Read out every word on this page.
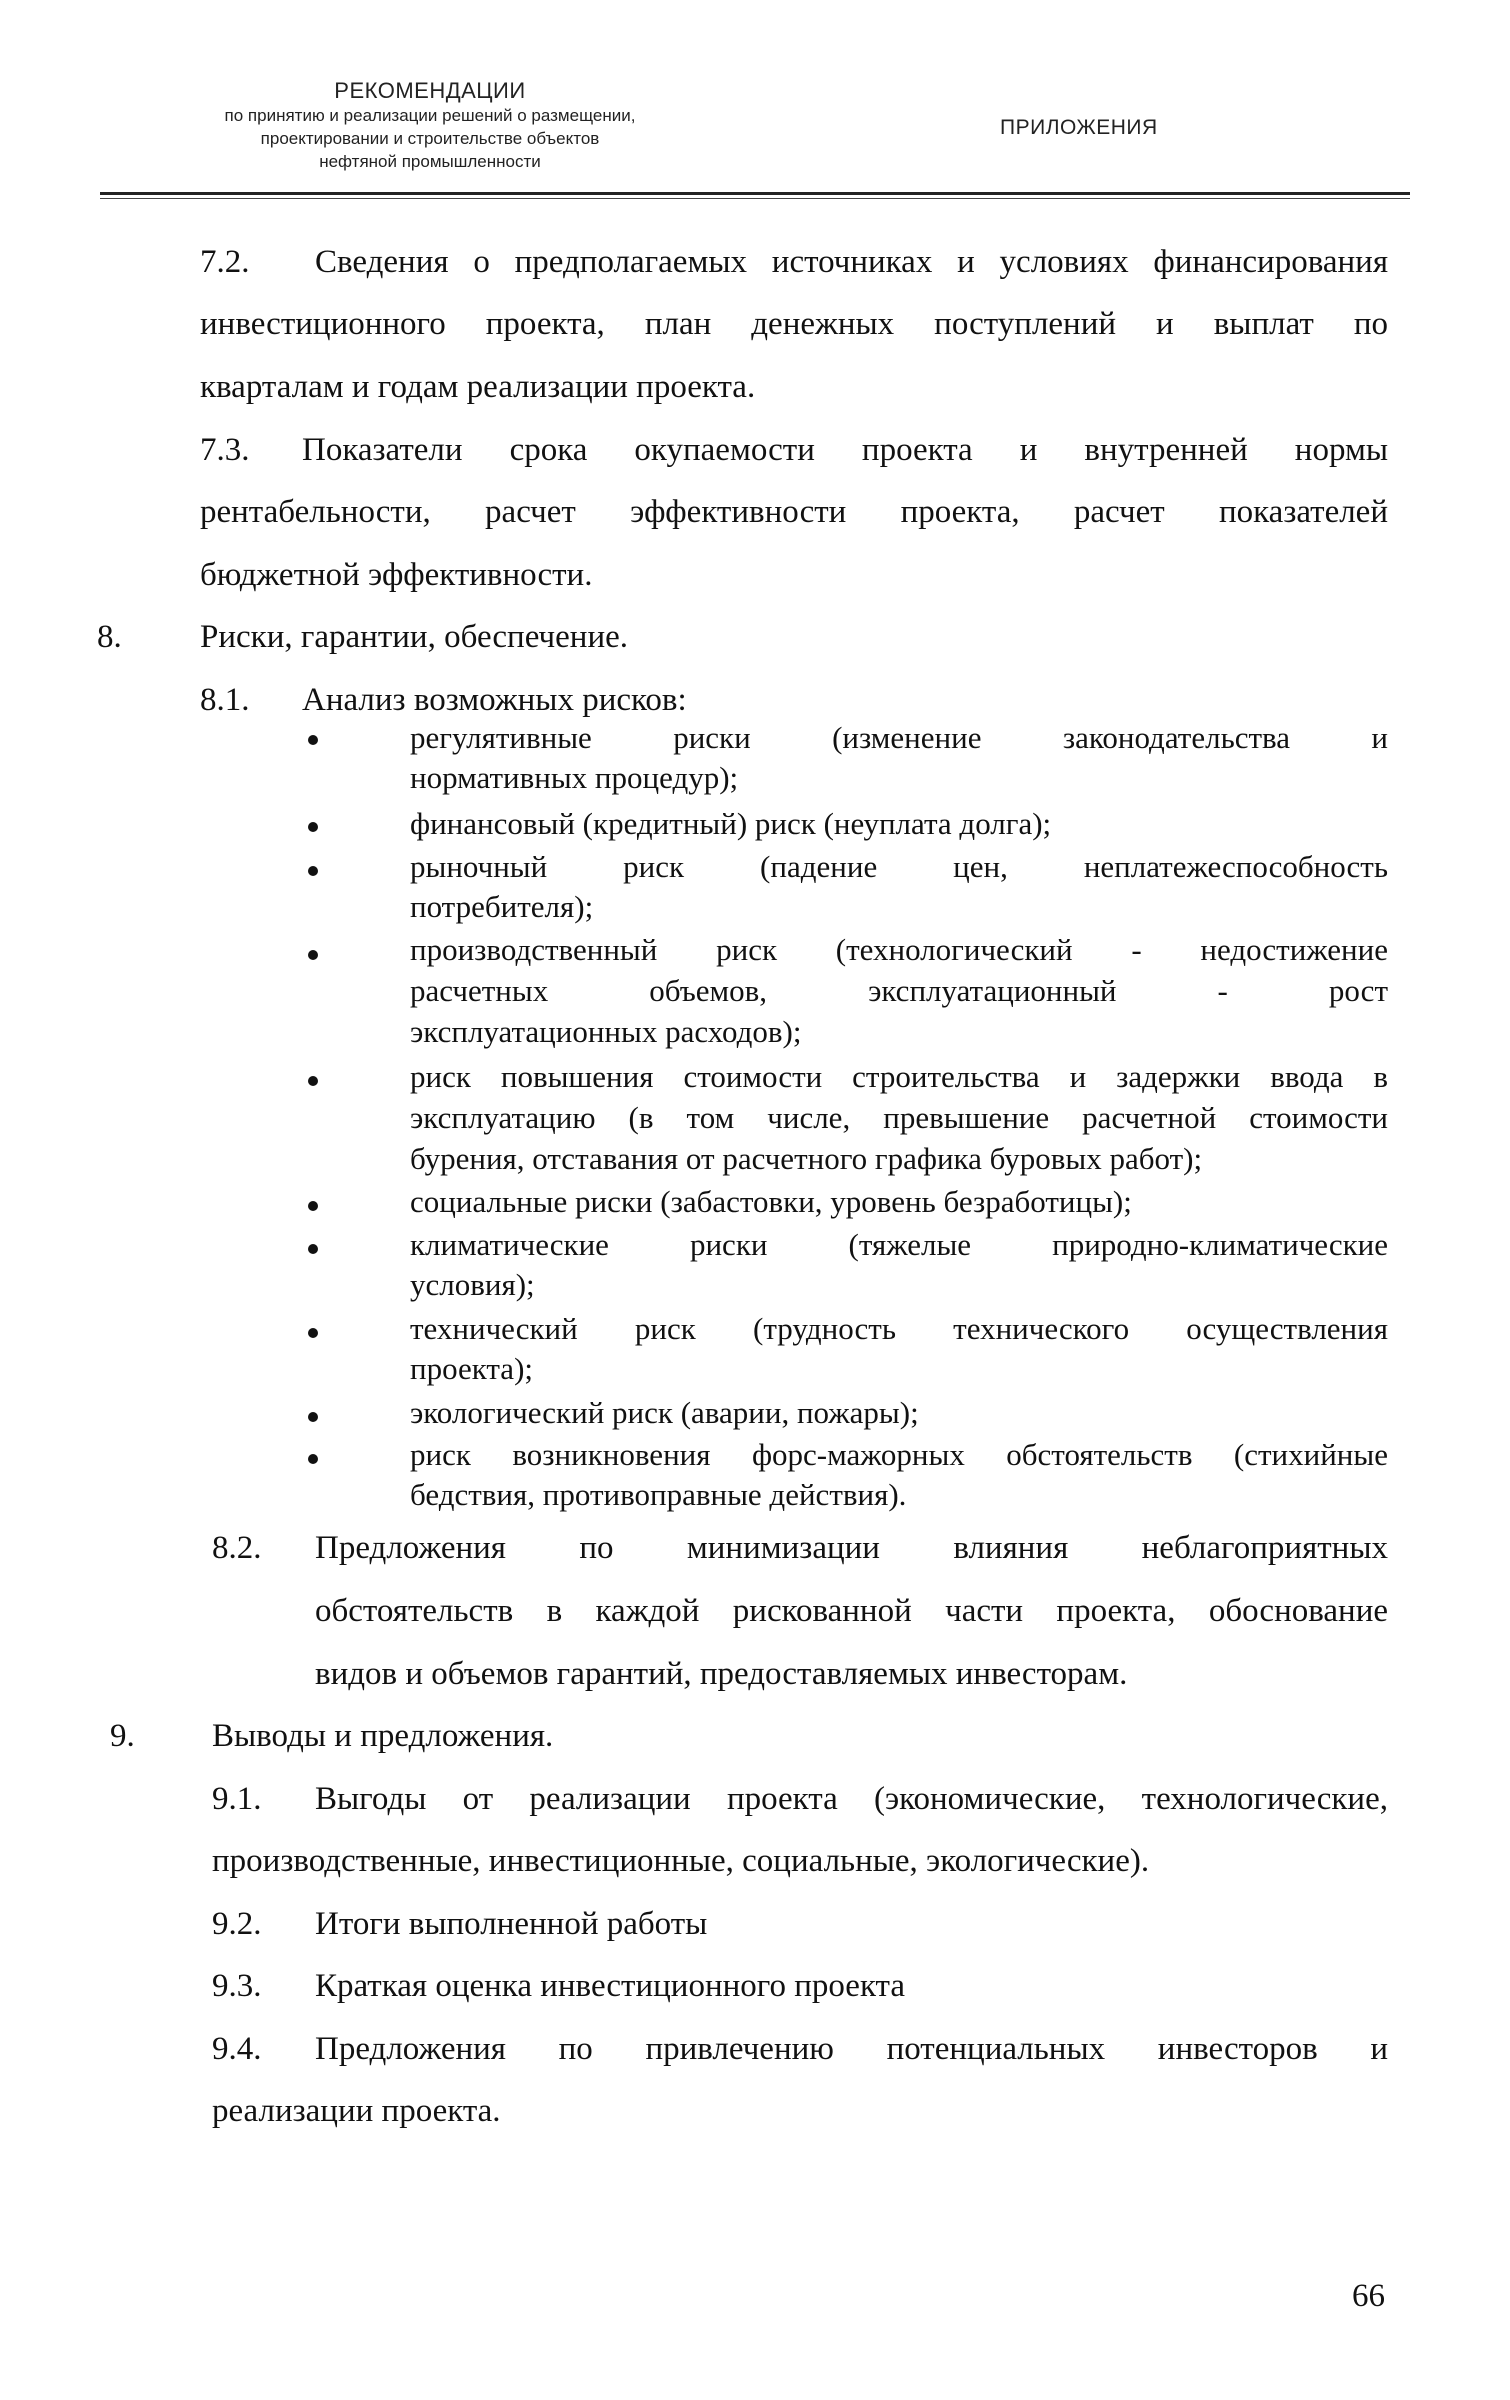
РЕКОМЕНДАЦИИ
по принятию и реализации решений о размещении,
проектировании и строительстве объектов
нефтяной промышленности
ПРИЛОЖЕНИЯ
7.2. Сведения о предполагаемых источниках и условиях финансирования
инвестиционного проекта, план денежных поступлений и выплат по
кварталам и годам реализации проекта.
7.3. Показатели срока окупаемости проекта и внутренней нормы
рентабельности, расчет эффективности проекта, расчет показателей
бюджетной эффективности.
8. Риски, гарантии, обеспечение.
8.1. Анализ возможных рисков:
регулятивные риски (изменение законодательства и
нормативных процедур);
финансовый (кредитный) риск (неуплата долга);
рыночный риск (падение цен, неплатежеспособность
потребителя);
производственный риск (технологический - недостижение
расчетных объемов, эксплуатационный - рост
эксплуатационных расходов);
риск повышения стоимости строительства и задержки ввода в
эксплуатацию (в том числе, превышение расчетной стоимости
бурения, отставания от расчетного графика буровых работ);
социальные риски (забастовки, уровень безработицы);
климатические риски (тяжелые природно-климатические
условия);
технический риск (трудность технического осуществления
проекта);
экологический риск (аварии, пожары);
риск возникновения форс-мажорных обстоятельств (стихийные
бедствия, противоправные действия).
8.2. Предложения по минимизации влияния неблагоприятных
обстоятельств в каждой рискованной части проекта, обоснование
видов и объемов гарантий, предоставляемых инвесторам.
9. Выводы и предложения.
9.1. Выгоды от реализации проекта (экономические, технологические,
производственные, инвестиционные, социальные, экологические).
9.2. Итоги выполненной работы
9.3. Краткая оценка инвестиционного проекта
9.4. Предложения по привлечению потенциальных инвесторов и
реализации проекта.
66
